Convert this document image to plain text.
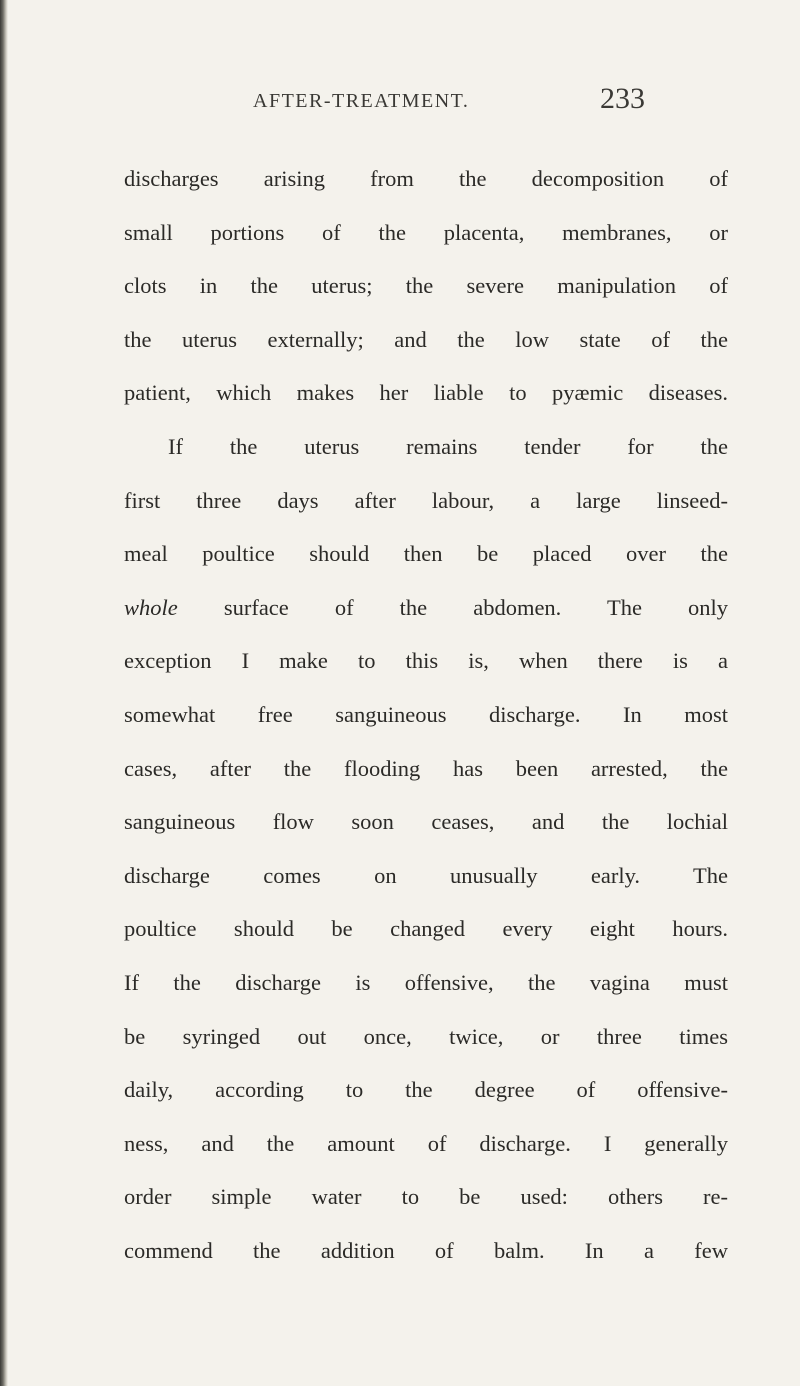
AFTER-TREATMENT.	233
discharges arising from the decomposition of
small portions of the placenta, membranes, or
clots in the uterus; the severe manipulation of
the uterus externally; and the low state of the
patient, which makes her liable to pyæmic diseases.
If the uterus remains tender for the
first three days after labour, a large linseed-
meal poultice should then be placed over the
whole surface of the abdomen. The only
exception I make to this is, when there is a
somewhat free sanguineous discharge. In most
cases, after the flooding has been arrested, the
sanguineous flow soon ceases, and the lochial
discharge comes on unusually early. The
poultice should be changed every eight hours.
If the discharge is offensive, the vagina must
be syringed out once, twice, or three times
daily, according to the degree of offensive-
ness, and the amount of discharge. I generally
order simple water to be used: others re-
commend the addition of balm. In a few
